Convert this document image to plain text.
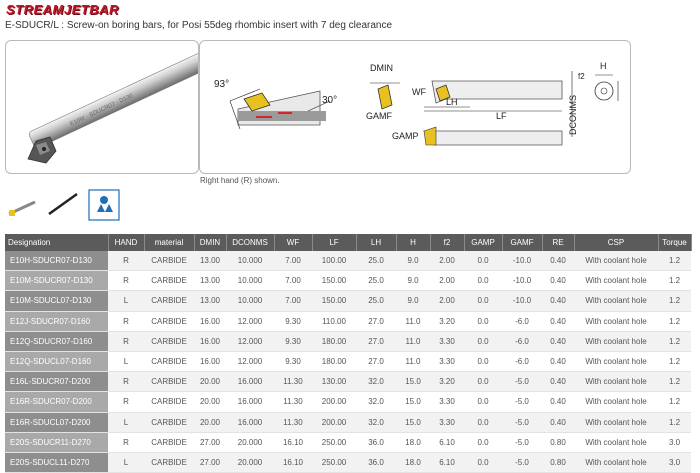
STREAMJETBAR
E-SDUCR/L : Screw-on boring bars, for Posi 55deg rhombic insert with 7 deg clearance
E10M · SDUCR07 · D130
93°
30°
DMIN
GAMF
WF
LH
LF	DCONMS
GAMP
H
f2
Right hand (R) shown.
Designation	HAND	material	DMIN	DCONMS	WF	LF	LH	H	f2	GAMP	GAMF	RE	CSP	Torque
E10H-SDUCR07-D130	R	CARBIDE	13.00	10.000	7.00	100.00	25.0	9.0	2.00	0.0	-10.0	0.40	With coolant hole	1.2
E10M-SDUCR07-D130	R	CARBIDE	13.00	10.000	7.00	150.00	25.0	9.0	2.00	0.0	-10.0	0.40	With coolant hole	1.2
E10M-SDUCL07-D130	L	CARBIDE	13.00	10.000	7.00	150.00	25.0	9.0	2.00	0.0	-10.0	0.40	With coolant hole	1.2
E12J-SDUCR07-D160	R	CARBIDE	16.00	12.000	9.30	110.00	27.0	11.0	3.20	0.0	-6.0	0.40	With coolant hole	1.2
E12Q-SDUCR07-D160	R	CARBIDE	16.00	12.000	9.30	180.00	27.0	11.0	3.30	0.0	-6.0	0.40	With coolant hole	1.2
E12Q-SDUCL07-D160	L	CARBIDE	16.00	12.000	9.30	180.00	27.0	11.0	3.30	0.0	-6.0	0.40	With coolant hole	1.2
E16L-SDUCR07-D200	R	CARBIDE	20.00	16.000	11.30	130.00	32.0	15.0	3.20	0.0	-5.0	0.40	With coolant hole	1.2
E16R-SDUCR07-D200	R	CARBIDE	20.00	16.000	11.30	200.00	32.0	15.0	3.30	0.0	-5.0	0.40	With coolant hole	1.2
E16R-SDUCL07-D200	L	CARBIDE	20.00	16.000	11.30	200.00	32.0	15.0	3.30	0.0	-5.0	0.40	With coolant hole	1.2
E20S-SDUCR11-D270	R	CARBIDE	27.00	20.000	16.10	250.00	36.0	18.0	6.10	0.0	-5.0	0.80	With coolant hole	3.0
E20S-SDUCL11-D270	L	CARBIDE	27.00	20.000	16.10	250.00	36.0	18.0	6.10	0.0	-5.0	0.80	With coolant hole	3.0
